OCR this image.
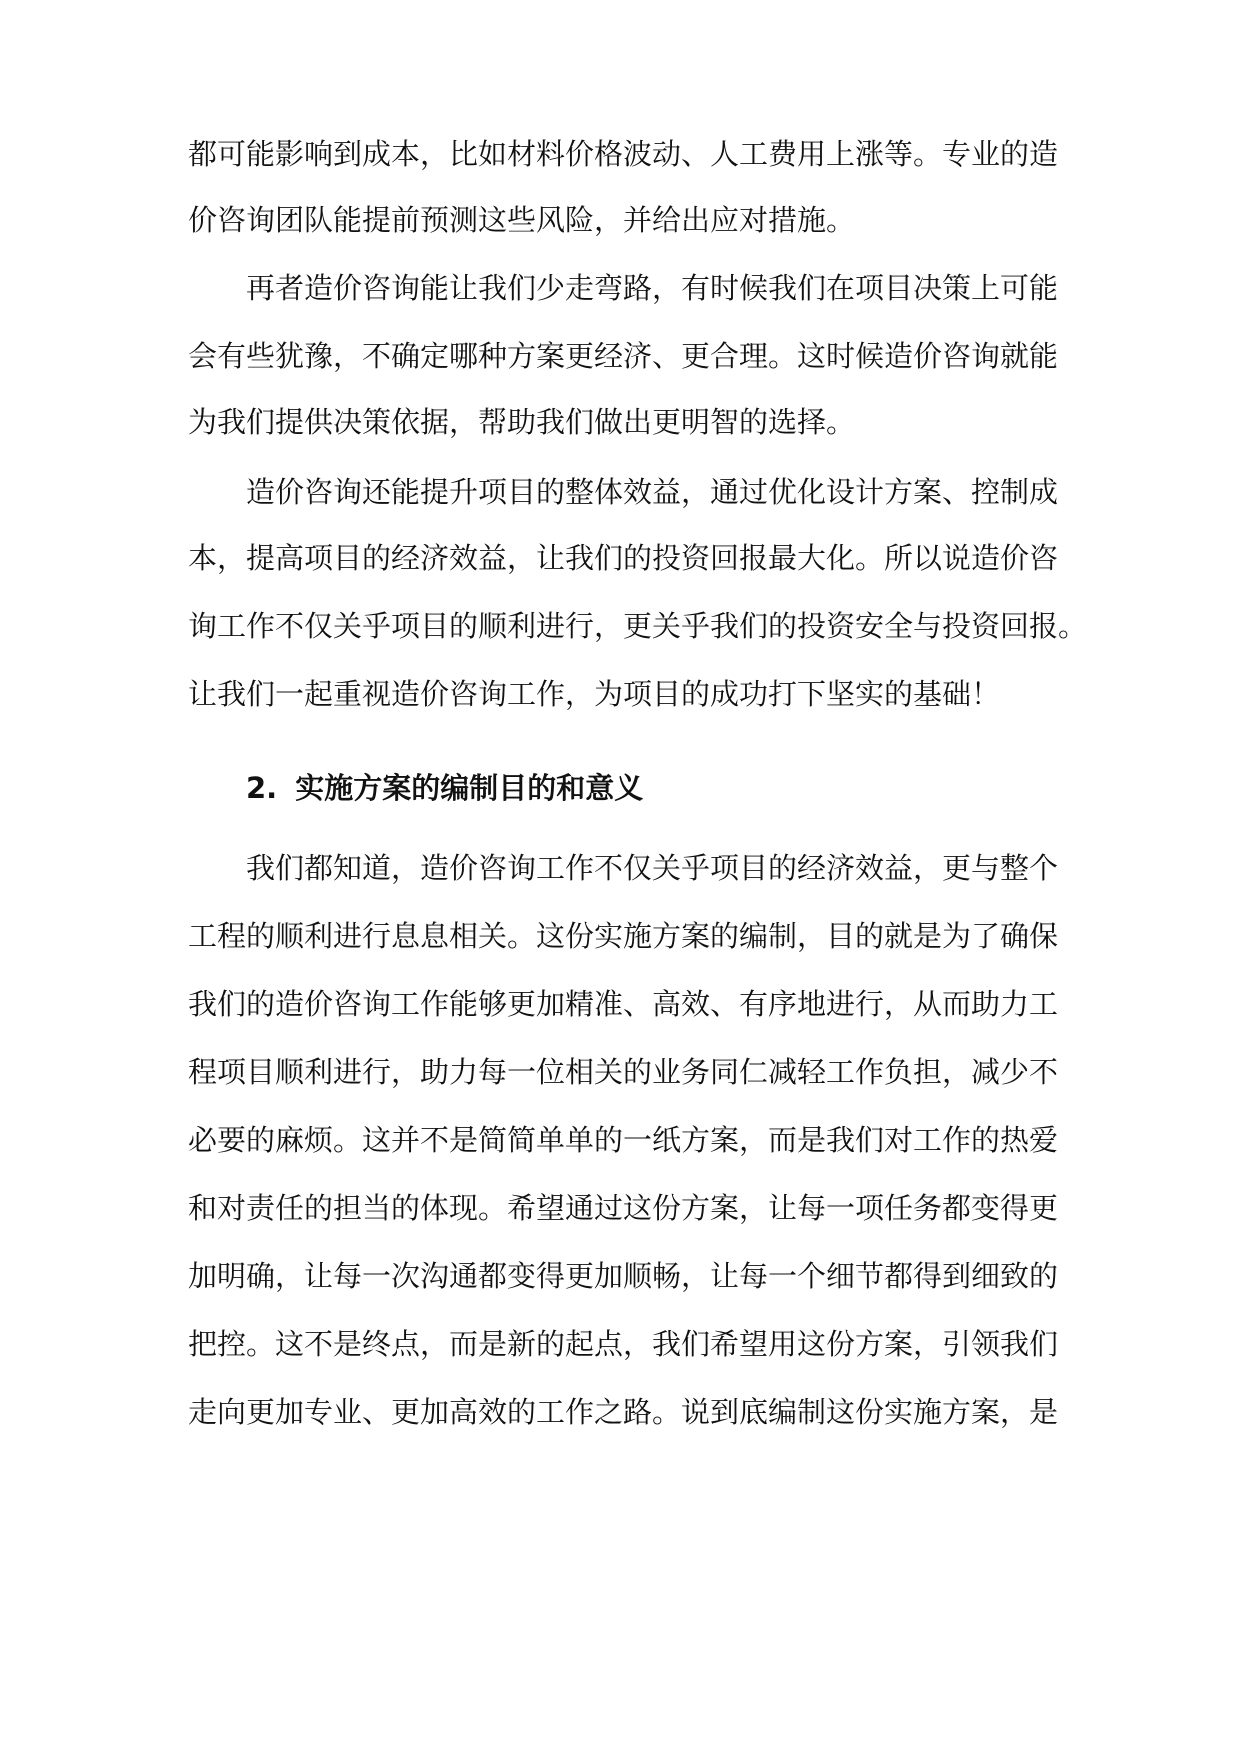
都可能影响到成本，比如材料价格波动、人工费用上涨等。专业的造
价咨询团队能提前预测这些风险，并给出应对措施。
再者造价咨询能让我们少走弯路，有时候我们在项目决策上可能
会有些犹豫，不确定哪种方案更经济、更合理。这时候造价咨询就能
为我们提供决策依据，帮助我们做出更明智的选择。
造价咨询还能提升项目的整体效益，通过优化设计方案、控制成
本，提高项目的经济效益，让我们的投资回报最大化。所以说造价咨
询工作不仅关乎项目的顺利进行，更关乎我们的投资安全与投资回报。
让我们一起重视造价咨询工作，为项目的成功打下坚实的基础！
2. 实施方案的编制目的和意义
我们都知道，造价咨询工作不仅关乎项目的经济效益，更与整个
工程的顺利进行息息相关。这份实施方案的编制，目的就是为了确保
我们的造价咨询工作能够更加精准、高效、有序地进行，从而助力工
程项目顺利进行，助力每一位相关的业务同仁减轻工作负担，减少不
必要的麻烦。这并不是简简单单的一纸方案，而是我们对工作的热爱
和对责任的担当的体现。希望通过这份方案，让每一项任务都变得更
加明确，让每一次沟通都变得更加顺畅，让每一个细节都得到细致的
把控。这不是终点，而是新的起点，我们希望用这份方案，引领我们
走向更加专业、更加高效的工作之路。说到底编制这份实施方案，是
